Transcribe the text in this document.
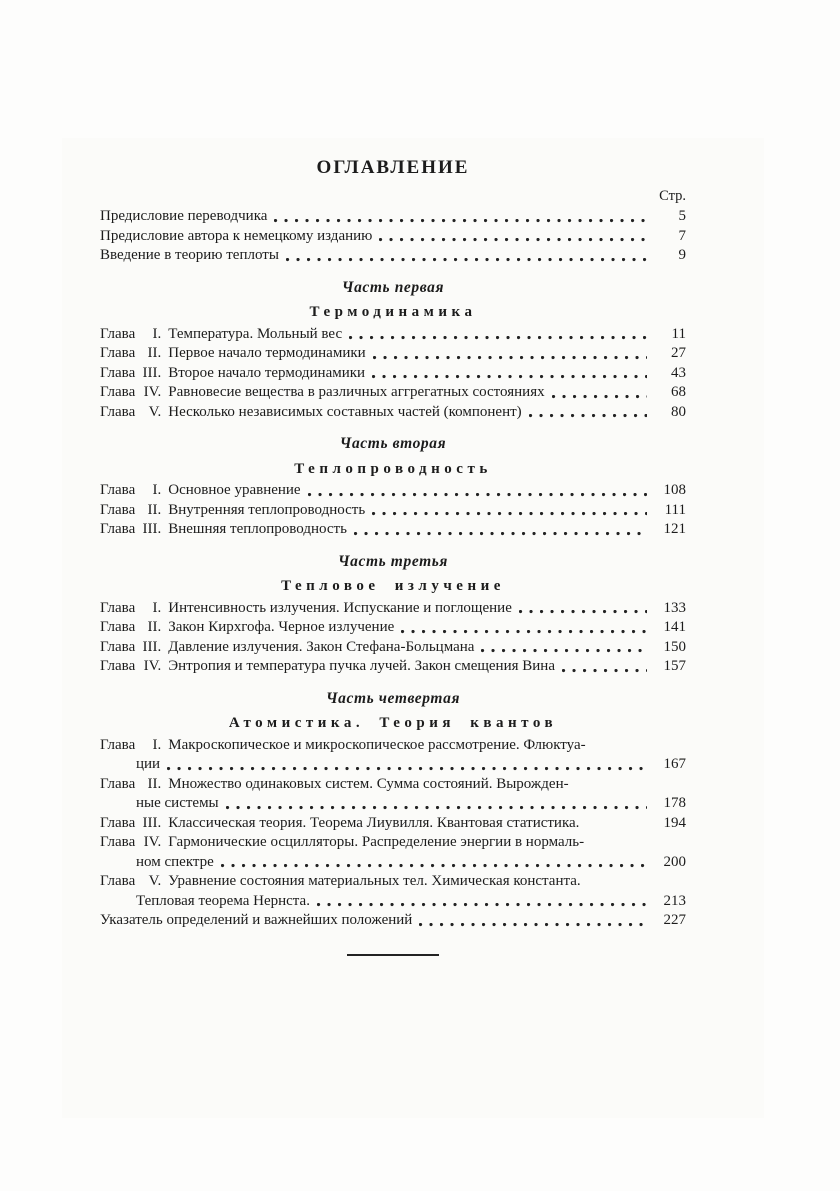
ОГЛАВЛЕНИЕ
Стр.
Предисловие переводчика	5
Предисловие автора к немецкому изданию	7
Введение в теорию теплоты	9
Часть первая
Термодинамика
Глава	I. Температура. Мольный вес	11
Глава II. Первое начало термодинамики	27
Глава III. Второе начало термодинамики	43
Глава IV. Равновесие вещества в различных аггрегатных состояниях	68
Глава V. Несколько независимых составных частей (компонент)	80
Часть вторая
Теплопроводность
Глава	I. Основное уравнение	108
Глава II. Внутренняя теплопроводность	111
Глава III. Внешняя теплопроводность	121
Часть третья
Тепловое излучение
Глава	I. Интенсивность излучения. Испускание и поглощение	133
Глава II. Закон Кирхгофа. Черное излучение	141
Глава III. Давление излучения. Закон Стефана-Больцмана	150
Глава IV. Энтропия и температура пучка лучей. Закон смещения Вина	157
Часть четвертая
Атомистика. Теория квантов
Глава	I. Макроскопическое и микроскопическое рассмотрение. Флюктуа-
ции	167
Глава II. Множество одинаковых систем. Сумма состояний. Вырожден-
ные системы	178
Глава III. Классическая теория. Теорема Лиувилля. Квантовая статистика.	194
Глава IV. Гармонические осцилляторы. Распределение энергии в нормаль-
ном спектре	200
Глава V. Уравнение состояния материальных тел. Химическая константа.
Тепловая теорема Нернста.	213
Указатель определений и важнейших положений	227
